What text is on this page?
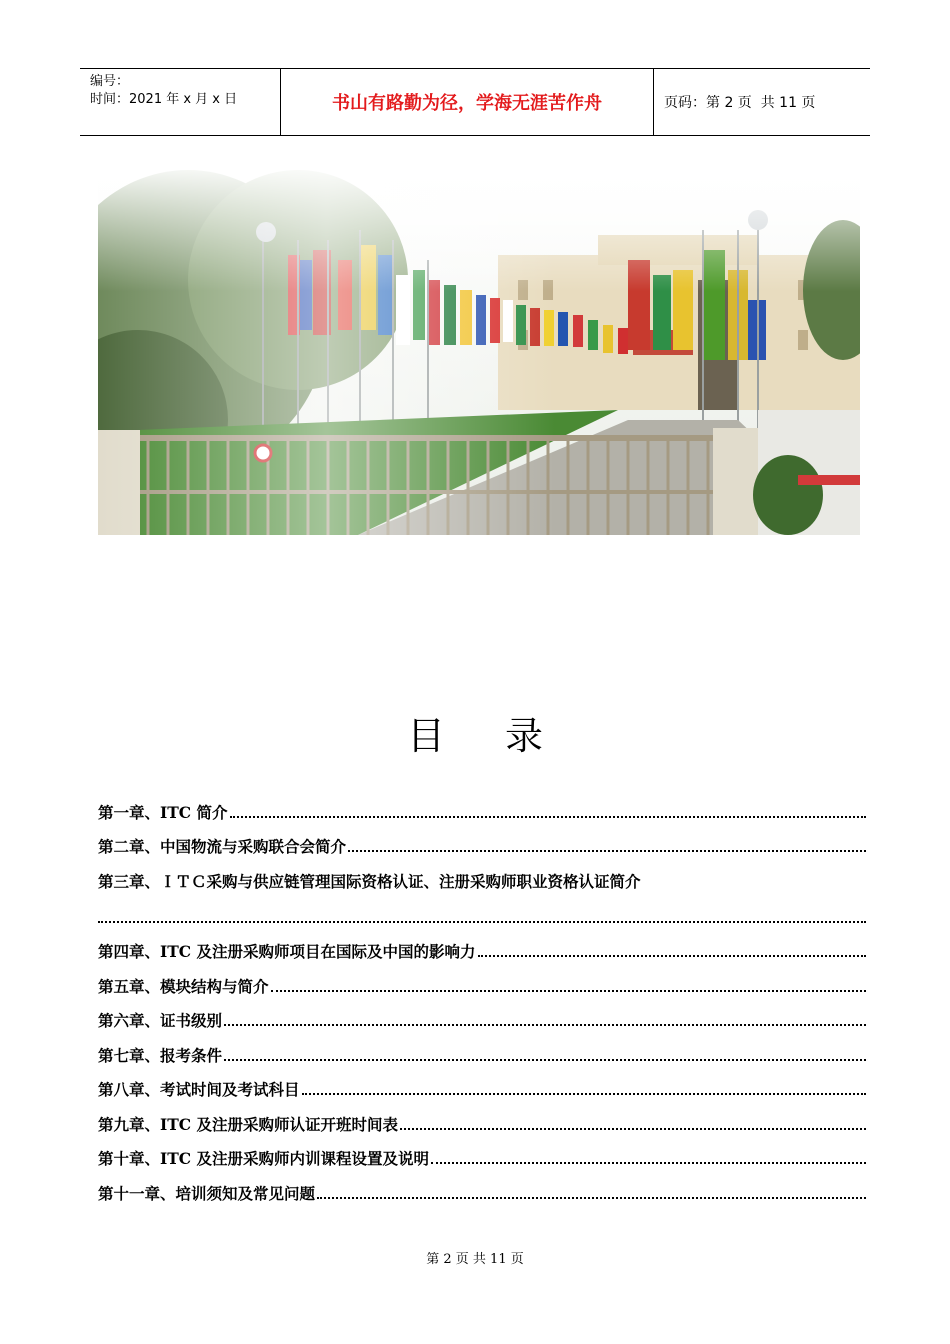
编号：
时间：2021 年 x 月 x 日	书山有路勤为径，学海无涯苦作舟	页码：第 2 页  共 11 页
目录
第一章、ITC 简介
第二章、中国物流与采购联合会简介
第三章、ＩＴＣ采购与供应链管理国际资格认证、注册采购师职业资格认证简介
第四章、ITC 及注册采购师项目在国际及中国的影响力
第五章、模块结构与简介
第六章、证书级别
第七章、报考条件
第八章、考试时间及考试科目
第九章、ITC 及注册采购师认证开班时间表
第十章、ITC 及注册采购师内训课程设置及说明
第十一章、培训须知及常见问题
第 2 页 共 11 页
